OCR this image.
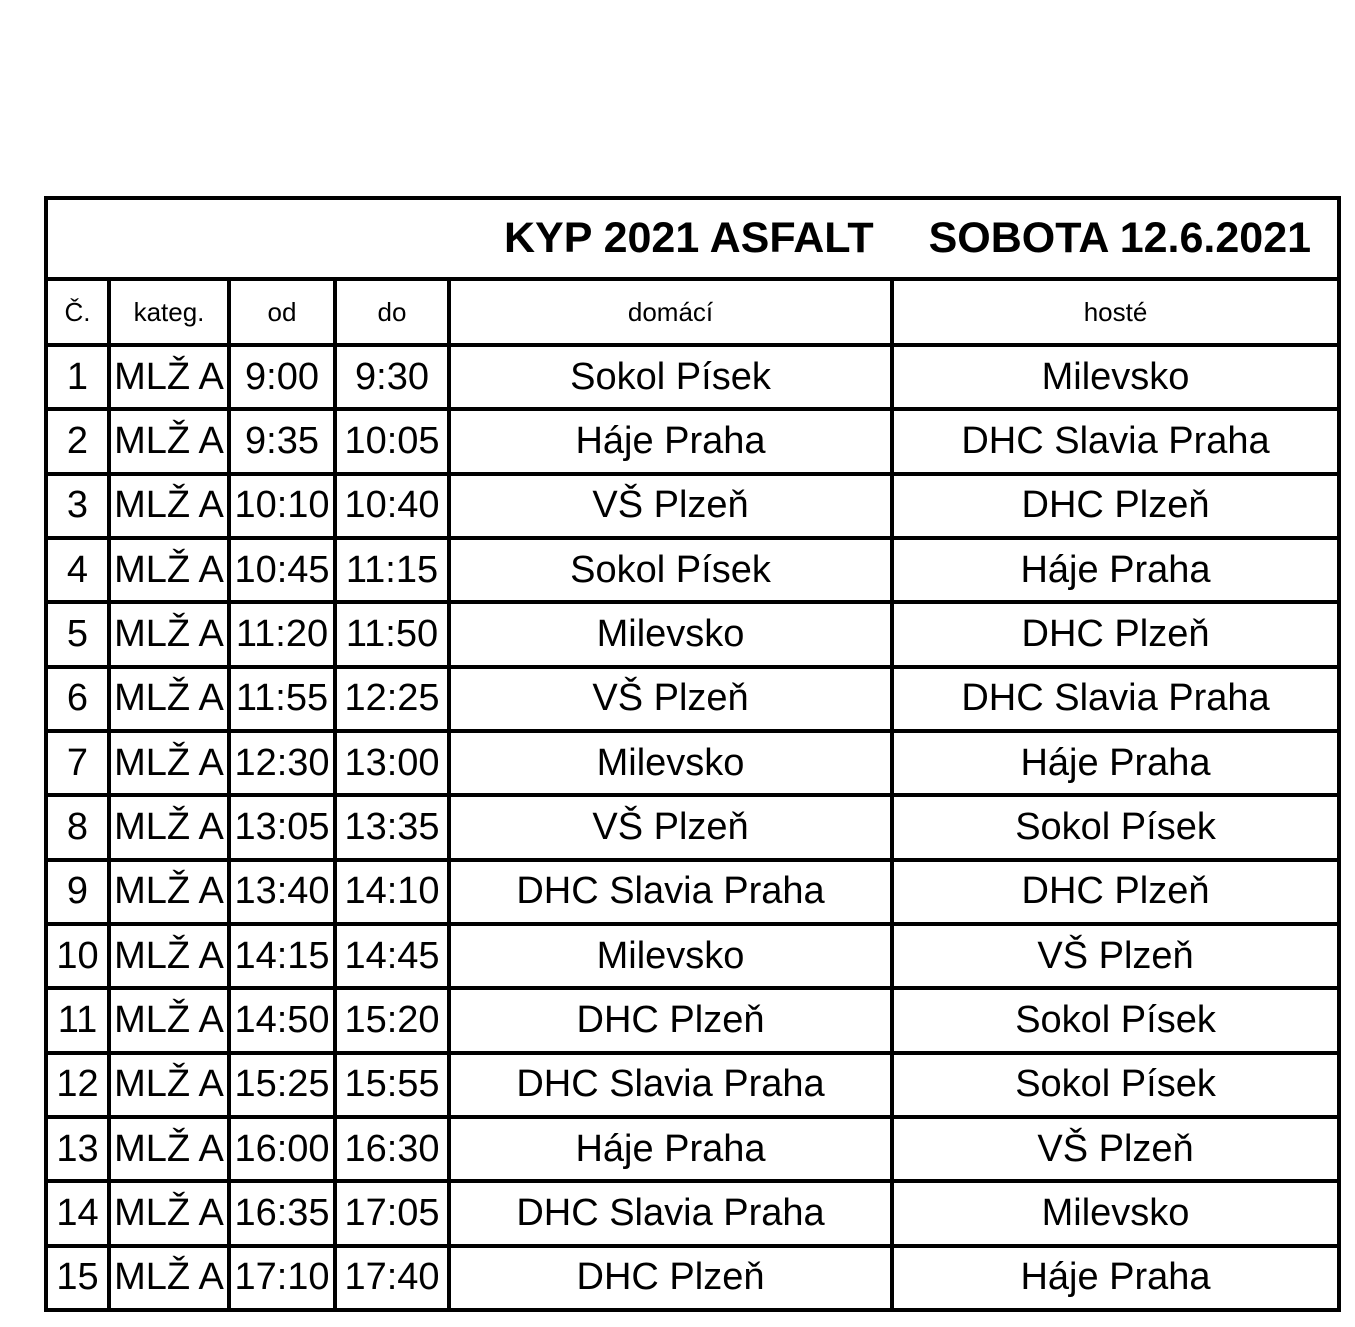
KYP 2021 ASFALT SOBOTA 12.6.2021					

Č.	kateg.	od	do	domácí	hosté
1	MLŽ A	9:00	9:30	Sokol Písek	Milevsko
2	MLŽ A	9:35	10:05	Háje Praha	DHC Slavia Praha
3	MLŽ A	10:10	10:40	VŠ Plzeň	DHC Plzeň
4	MLŽ A	10:45	11:15	Sokol Písek	Háje Praha
5	MLŽ A	11:20	11:50	Milevsko	DHC Plzeň
6	MLŽ A	11:55	12:25	VŠ Plzeň	DHC Slavia Praha
7	MLŽ A	12:30	13:00	Milevsko	Háje Praha
8	MLŽ A	13:05	13:35	VŠ Plzeň	Sokol Písek
9	MLŽ A	13:40	14:10	DHC Slavia Praha	DHC Plzeň
10	MLŽ A	14:15	14:45	Milevsko	VŠ Plzeň
11	MLŽ A	14:50	15:20	DHC Plzeň	Sokol Písek
12	MLŽ A	15:25	15:55	DHC Slavia Praha	Sokol Písek
13	MLŽ A	16:00	16:30	Háje Praha	VŠ Plzeň
14	MLŽ A	16:35	17:05	DHC Slavia Praha	Milevsko
15	MLŽ A	17:10	17:40	DHC Plzeň	Háje Praha
